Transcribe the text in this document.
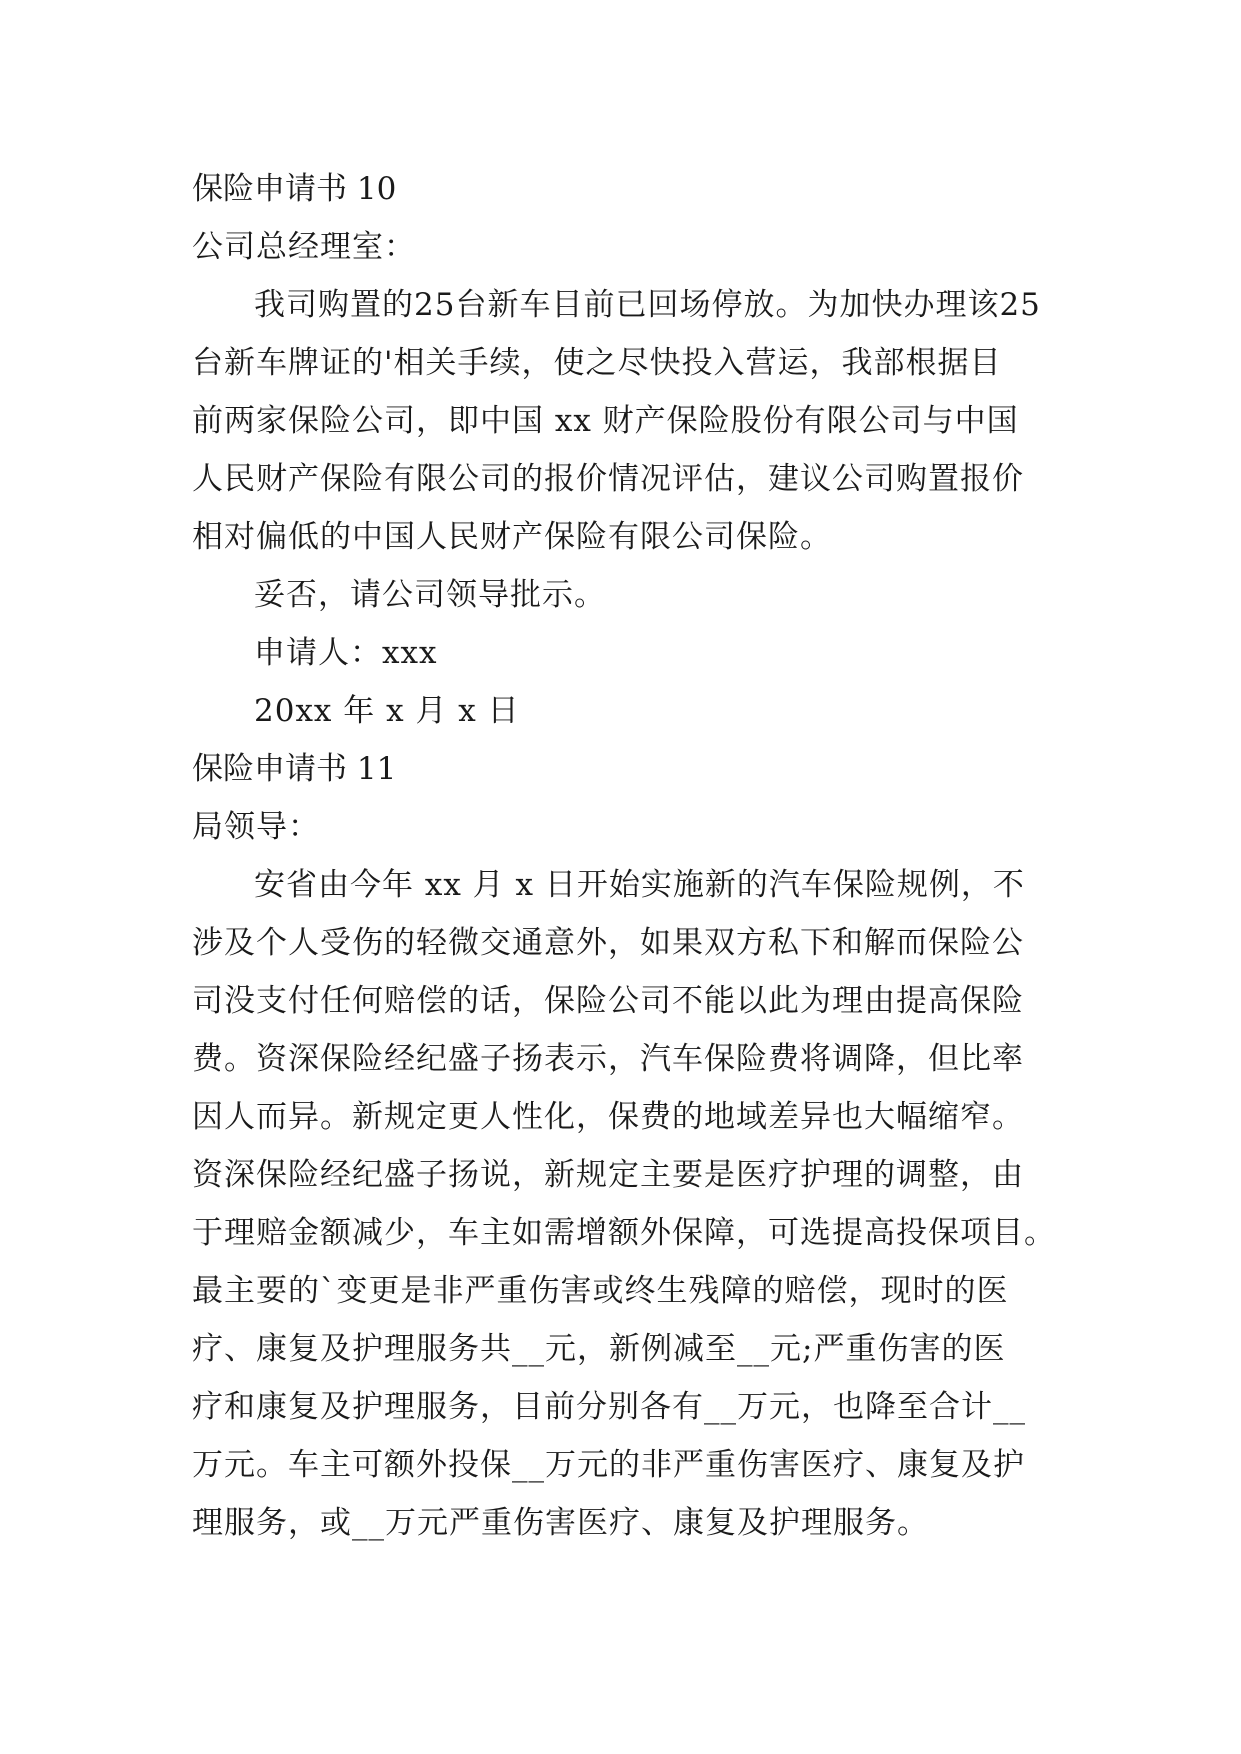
保险申请书 10
公司总经理室：
我司购置的25台新车目前已回场停放。为加快办理该25
台新车牌证的'相关手续，使之尽快投入营运，我部根据目
前两家保险公司，即中国 xx 财产保险股份有限公司与中国
人民财产保险有限公司的报价情况评估，建议公司购置报价
相对偏低的中国人民财产保险有限公司保险。
妥否，请公司领导批示。
申请人：xxx
20xx 年 x 月 x 日
保险申请书 11
局领导：
安省由今年 xx 月 x 日开始实施新的汽车保险规例，不
涉及个人受伤的轻微交通意外，如果双方私下和解而保险公
司没支付任何赔偿的话，保险公司不能以此为理由提高保险
费。资深保险经纪盛子扬表示，汽车保险费将调降，但比率
因人而异。新规定更人性化，保费的地域差异也大幅缩窄。
资深保险经纪盛子扬说，新规定主要是医疗护理的调整，由
于理赔金额减少，车主如需增额外保障，可选提高投保项目。
最主要的`变更是非严重伤害或终生残障的赔偿，现时的医
疗、康复及护理服务共__元，新例减至__元;严重伤害的医
疗和康复及护理服务，目前分别各有__万元，也降至合计__
万元。车主可额外投保__万元的非严重伤害医疗、康复及护
理服务，或__万元严重伤害医疗、康复及护理服务。
